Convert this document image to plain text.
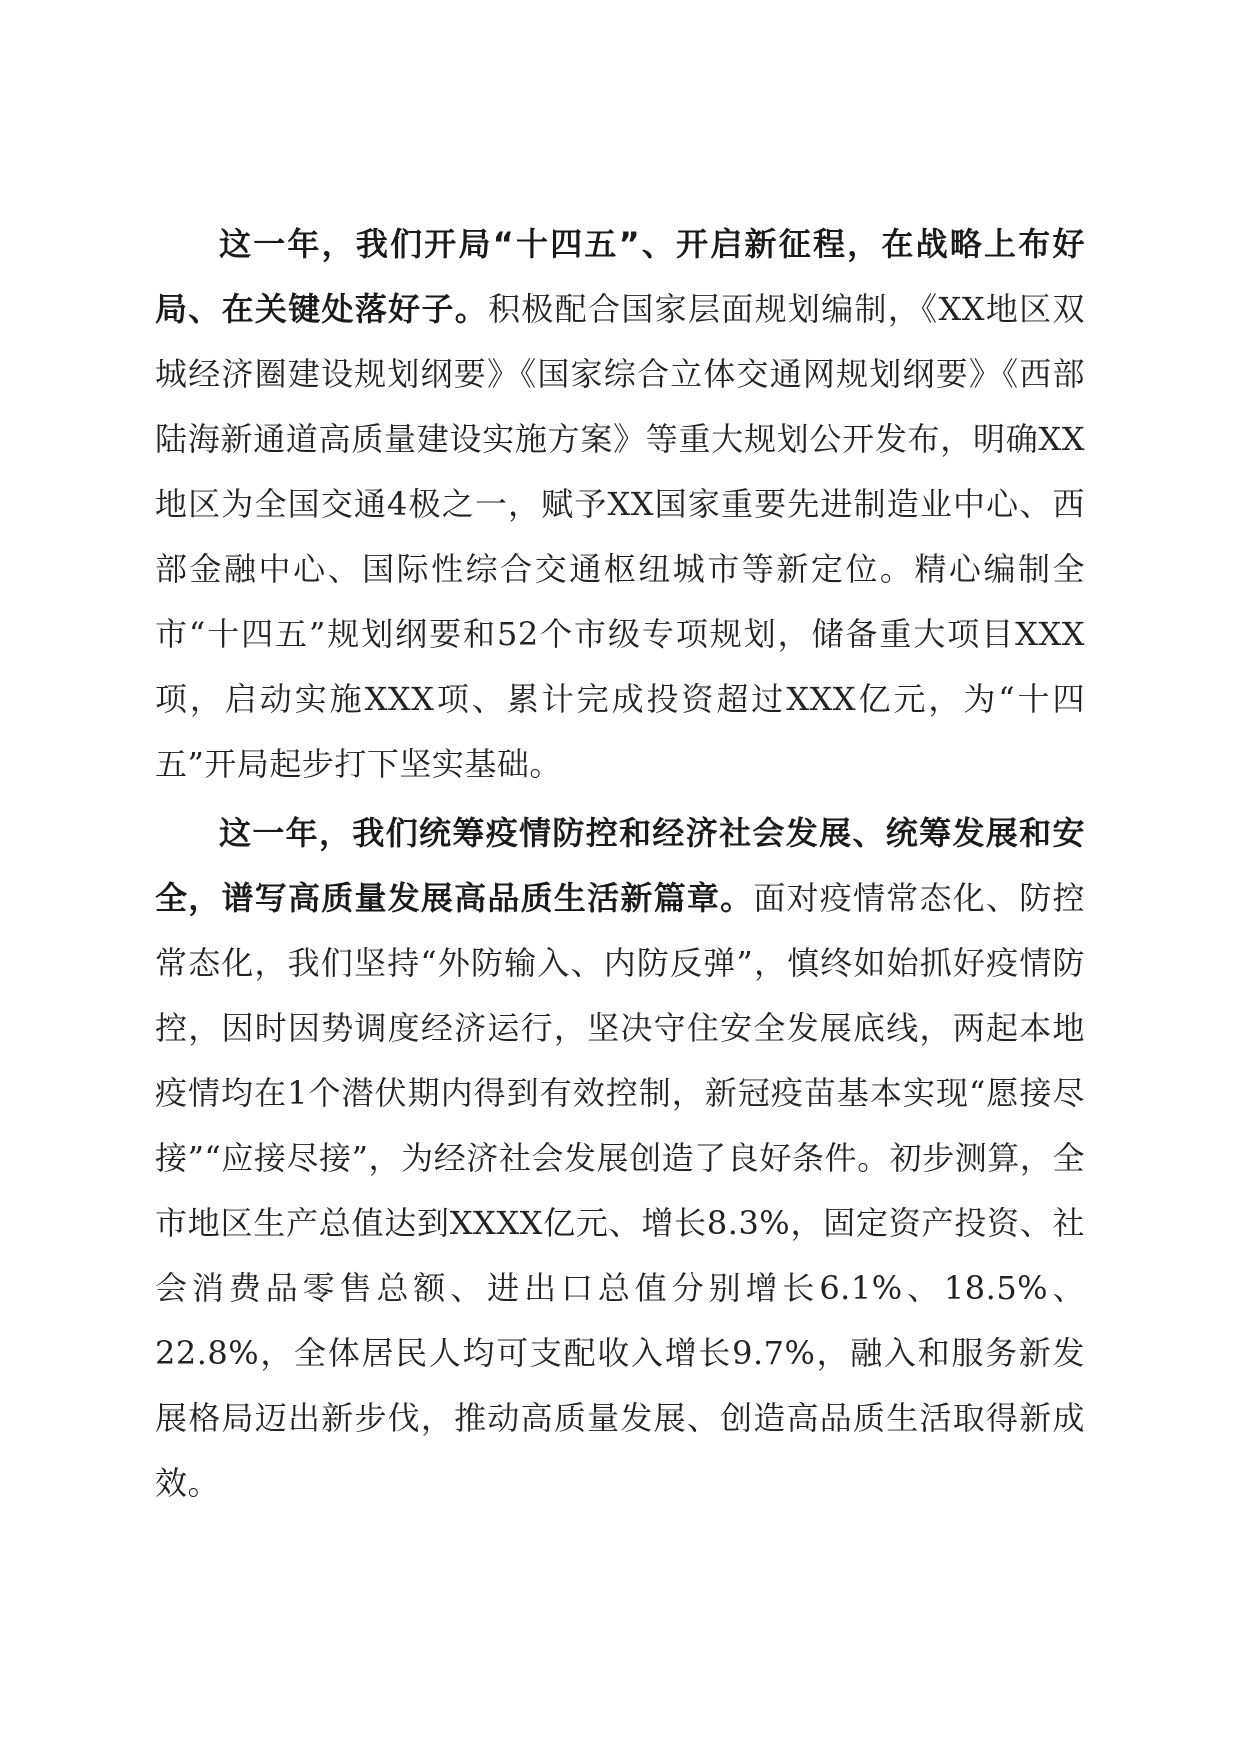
这一年，我们开局“十四五”、开启新征程，在战略上布好局、在关键处落好子。积极配合国家层面规划编制，《XX地区双城经济圈建设规划纲要》《国家综合立体交通网规划纲要》《西部陆海新通道高质量建设实施方案》等重大规划公开发布，明确XX地区为全国交通4极之一，赋予XX国家重要先进制造业中心、西部金融中心、国际性综合交通枢纽城市等新定位。精心编制全市“十四五”规划纲要和52个市级专项规划，储备重大项目XXX项，启动实施XXX项、累计完成投资超过XXX亿元，为“十四五”开局起步打下坚实基础。

这一年，我们统筹疫情防控和经济社会发展、统筹发展和安全，谱写高质量发展高品质生活新篇章。面对疫情常态化、防控常态化，我们坚持“外防输入、内防反弹”，慎终如始抓好疫情防控，因时因势调度经济运行，坚决守住安全发展底线，两起本地疫情均在1个潜伏期内得到有效控制，新冠疫苗基本实现“愿接尽接”“应接尽接”，为经济社会发展创造了良好条件。初步测算，全市地区生产总值达到XXXX亿元、增长8.3%，固定资产投资、社会消费品零售总额、进出口总值分别增长6.1%、18.5%、22.8%，全体居民人均可支配收入增长9.7%，融入和服务新发展格局迈出新步伐，推动高质量发展、创造高品质生活取得新成效。
